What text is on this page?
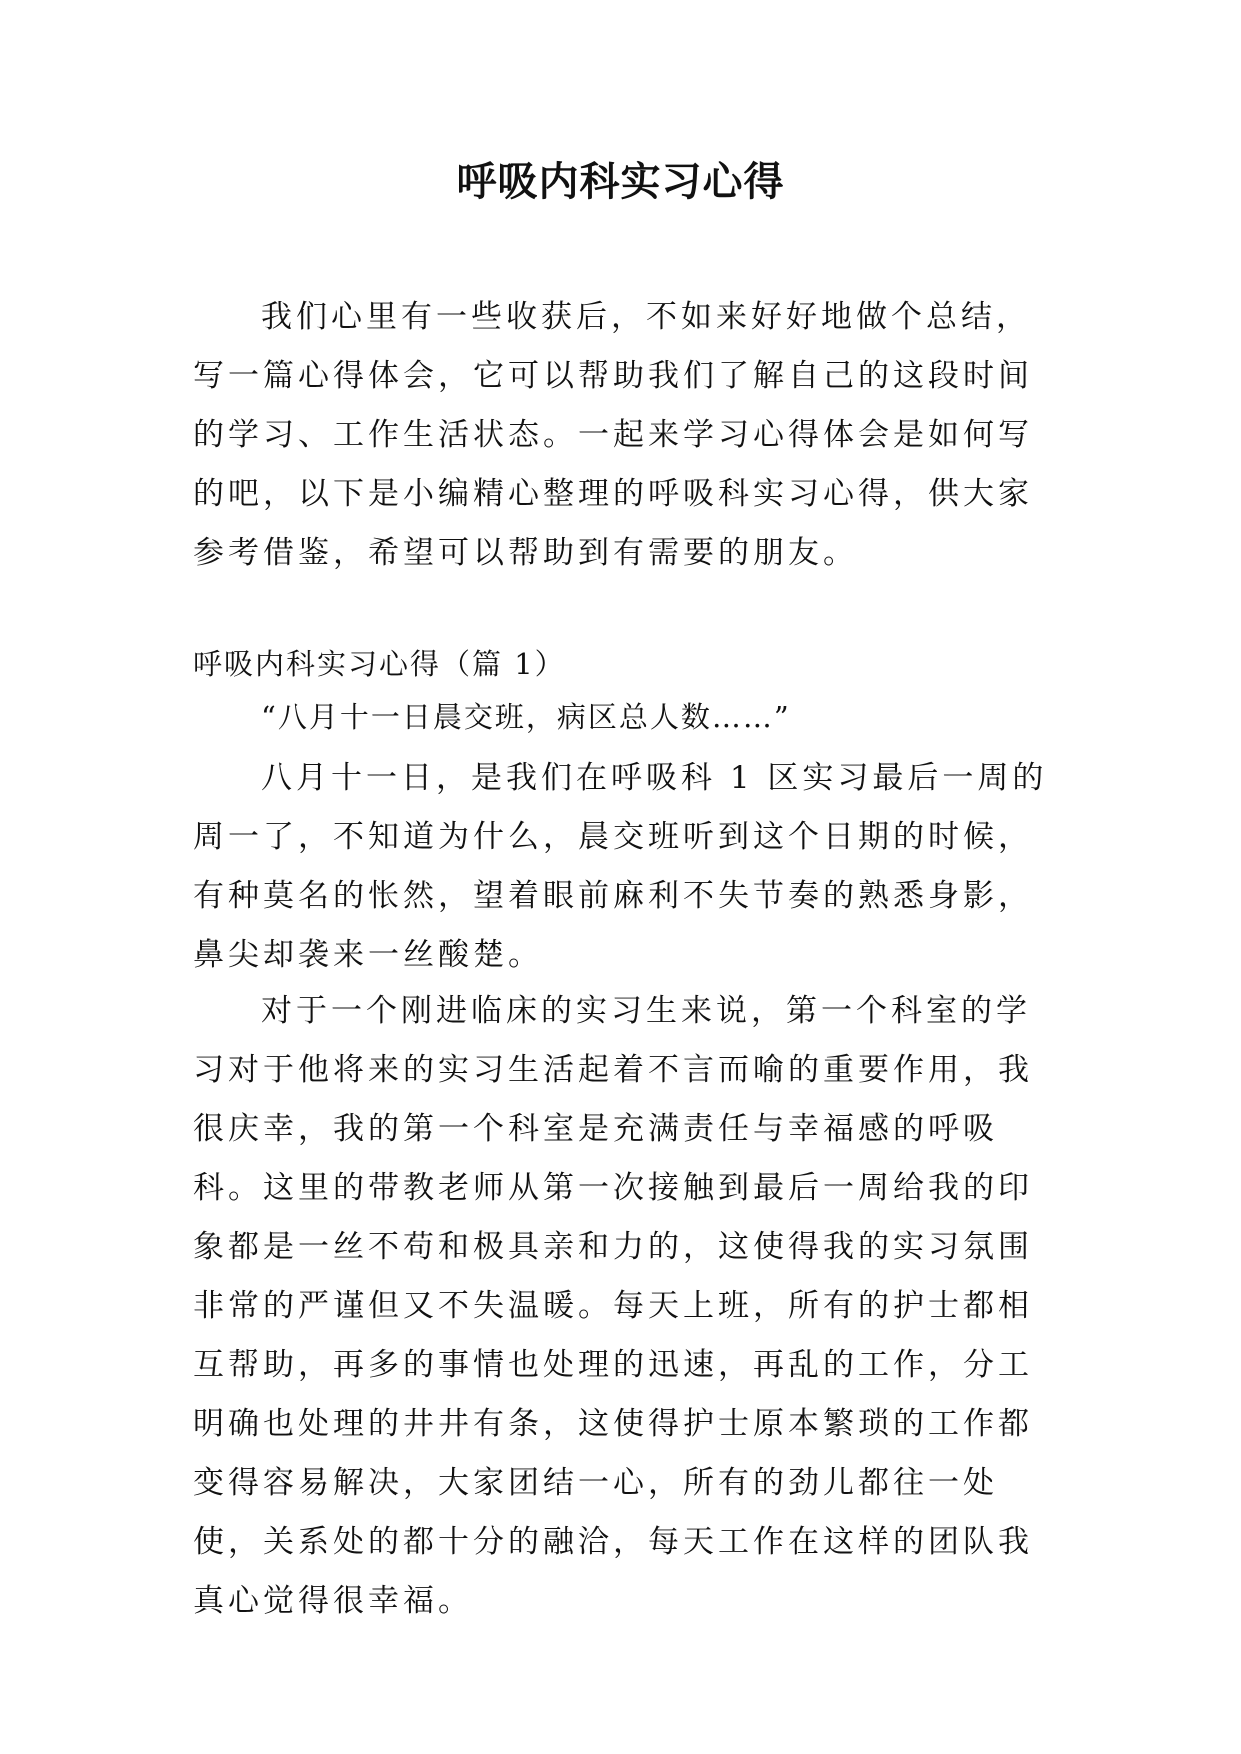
呼吸内科实习心得

我们心里有一些收获后，不如来好好地做个总结，写一篇心得体会，它可以帮助我们了解自己的这段时间的学习、工作生活状态。一起来学习心得体会是如何写的吧，以下是小编精心整理的呼吸科实习心得，供大家参考借鉴，希望可以帮助到有需要的朋友。

呼吸内科实习心得（篇 1）

“八月十一日晨交班，病区总人数……”

八月十一日，是我们在呼吸科 1 区实习最后一周的周一了，不知道为什么，晨交班听到这个日期的时候，有种莫名的怅然，望着眼前麻利不失节奏的熟悉身影，鼻尖却袭来一丝酸楚。

对于一个刚进临床的实习生来说，第一个科室的学习对于他将来的实习生活起着不言而喻的重要作用，我很庆幸，我的第一个科室是充满责任与幸福感的呼吸科。这里的带教老师从第一次接触到最后一周给我的印象都是一丝不苟和极具亲和力的，这使得我的实习氛围非常的严谨但又不失温暖。每天上班，所有的护士都相互帮助，再多的事情也处理的迅速，再乱的工作，分工明确也处理的井井有条，这使得护士原本繁琐的工作都变得容易解决，大家团结一心，所有的劲儿都往一处使，关系处的都十分的融洽，每天工作在这样的团队我真心觉得很幸福。
